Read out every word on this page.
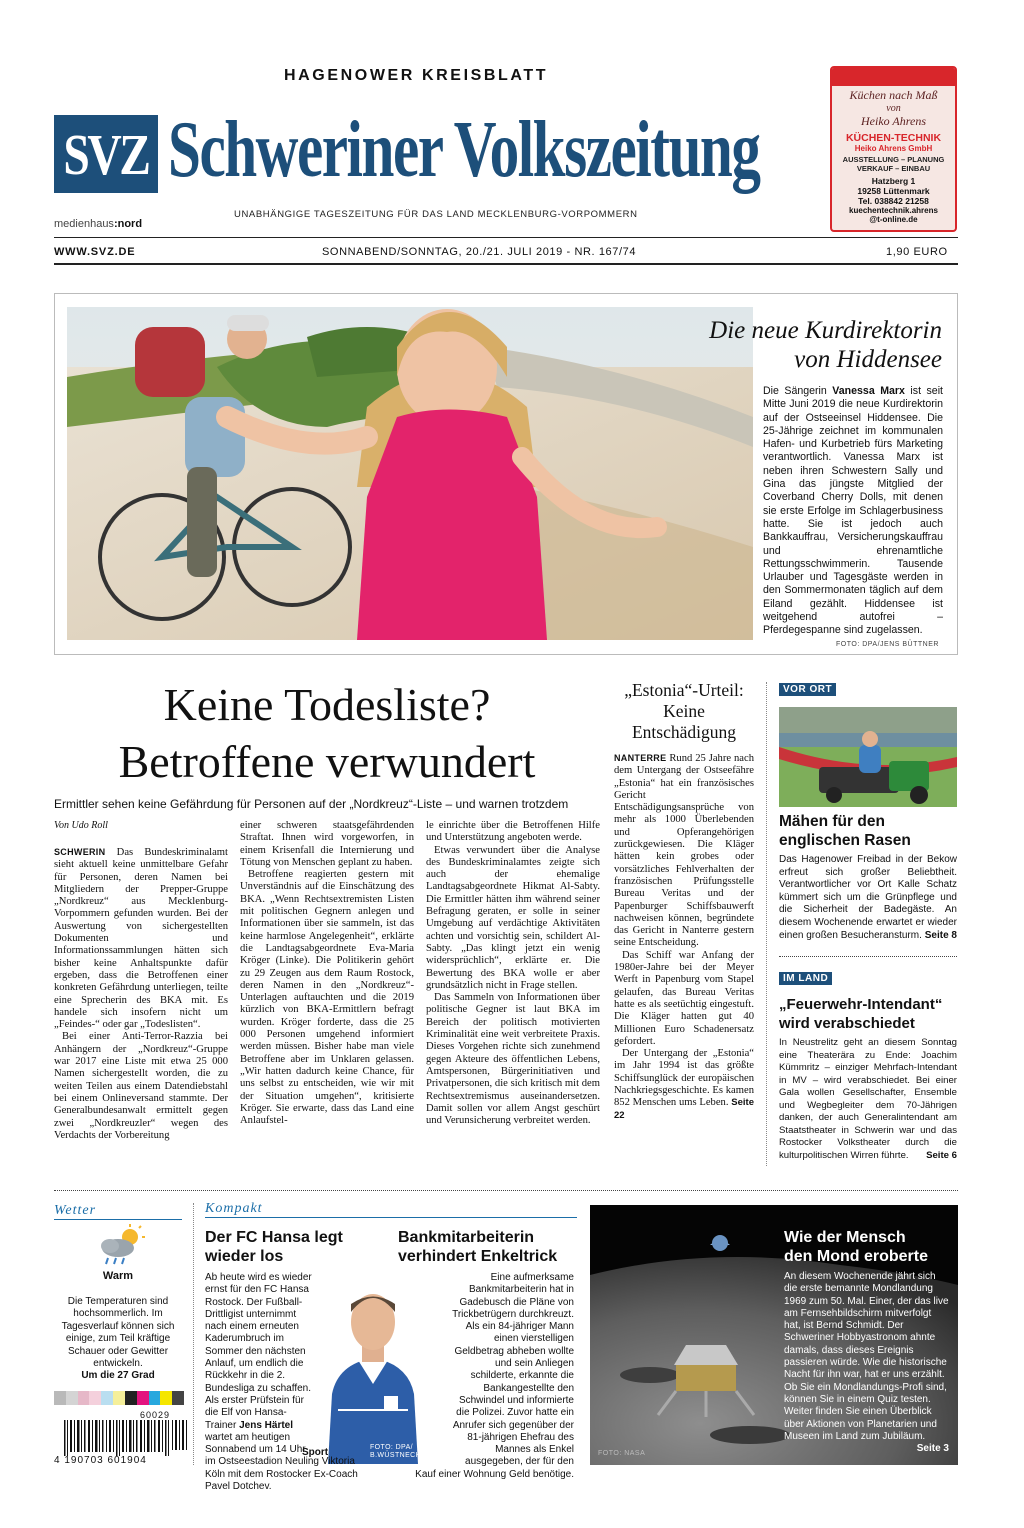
HAGENOWER KREISBLATT
SVZ Schweriner Volkszeitung
UNABHÄNGIGE TAGESZEITUNG FÜR DAS LAND MECKLENBURG-VORPOMMERN
medienhaus:nord
Küchen nach Maß
von
Heiko Ahrens
KÜCHEN-TECHNIK
Heiko Ahrens GmbH
AUSSTELLUNG – PLANUNG
VERKAUF – EINBAU
Hatzberg 1
19258 Lüttenmark
Tel. 038842 21258
kuechentechnik.ahrens
@t-online.de
WWW.SVZ.DE	SONNABEND/SONNTAG, 20./21. JULI 2019 - NR. 167/74	1,90 EURO
Die neue Kurdirektorin
von Hiddensee
Die Sängerin Vanessa Marx ist seit Mitte Juni 2019 die neue Kurdirektorin auf der Ostseeinsel Hiddensee. Die 25-Jährige zeichnet im kommunalen Hafen- und Kurbetrieb fürs Marketing verantwortlich. Vanessa Marx ist neben ihren Schwestern Sally und Gina das jüngste Mitglied der Coverband Cherry Dolls, mit denen sie erste Erfolge im Schlagerbusiness hatte. Sie ist jedoch auch Bankkauffrau, Versicherungskauffrau und ehrenamtliche Rettungsschwimmerin. Tausende Urlauber und Tagesgäste werden in den Sommermonaten täglich auf dem Eiland gezählt. Hiddensee ist weitgehend autofrei – Pferdegespanne sind zugelassen.
FOTO: DPA/JENS BÜTTNER
Keine Todesliste?
Betroffene verwundert
Ermittler sehen keine Gefährdung für Personen auf der „Nordkreuz“-Liste – und warnen trotzdem
Von Udo Roll

SCHWERIN Das Bundeskriminalamt sieht aktuell keine unmittelbare Gefahr für Personen, deren Namen bei Mitgliedern der Prepper-Gruppe „Nordkreuz“ aus Mecklenburg-Vorpommern gefunden wurden. Bei der Auswertung von sichergestellten Dokumenten und Informationssammlungen hätten sich bisher keine Anhaltspunkte dafür ergeben, dass die Betroffenen einer konkreten Gefährdung unterliegen, teilte eine Sprecherin des BKA mit. Es handele sich insofern nicht um „Feindes-“ oder gar „Todeslisten“.

Bei einer Anti-Terror-Razzia bei Anhängern der „Nordkreuz“-Gruppe war 2017 eine Liste mit etwa 25 000 Namen sichergestellt worden, die zu weiten Teilen aus einem Datendiebstahl bei einem Onlineversand stammte. Der Generalbundesanwalt ermittelt gegen zwei „Nordkreuzler“ wegen des Verdachts der Vorbereitung

einer schweren staatsgefährdenden Straftat. Ihnen wird vorgeworfen, in einem Krisenfall die Internierung und Tötung von Menschen geplant zu haben.

Betroffene reagierten gestern mit Unverständnis auf die Einschätzung des BKA. „Wenn Rechtsextremisten Listen mit politischen Gegnern anlegen und Informationen über sie sammeln, ist das keine harmlose Angelegenheit“, erklärte die Landtagsabgeordnete Eva-Maria Kröger (Linke). Die Politikerin gehört zu 29 Zeugen aus dem Raum Rostock, deren Namen in den „Nordkreuz“-Unterlagen auftauchten und die 2019 kürzlich von BKA-Ermittlern befragt wurden. Kröger forderte, dass die 25 000 Personen umgehend informiert werden müssen. Bisher habe man viele Betroffene aber im Unklaren gelassen. „Wir hatten dadurch keine Chance, für uns selbst zu entscheiden, wie wir mit der Situation umgehen“, kritisierte Kröger. Sie erwarte, dass das Land eine Anlaufstel-

le einrichte über die Betroffenen Hilfe und Unterstützung angeboten werde.

Etwas verwundert über die Analyse des Bundeskriminalamtes zeigte sich auch der ehemalige Landtagsabgeordnete Hikmat Al-Sabty. Die Ermittler hätten ihm während seiner Befragung geraten, er solle in seiner Umgebung auf verdächtige Aktivitäten achten und vorsichtig sein, schildert Al-Sabty. „Das klingt jetzt ein wenig widersprüchlich“, erklärte er. Die Bewertung des BKA wolle er aber grundsätzlich nicht in Frage stellen.

Das Sammeln von Informationen über politische Gegner ist laut BKA im Bereich der politisch motivierten Kriminalität eine weit verbreitete Praxis. Dieses Vorgehen richte sich zunehmend gegen Akteure des öffentlichen Lebens, Amtspersonen, Bürgerinitiativen und Privatpersonen, die sich kritisch mit dem Rechtsextremismus auseinandersetzen. Damit sollen vor allem Angst geschürt und Verunsicherung verbreitet werden.

„Estonia“-Urteil:
Keine
Entschädigung

NANTERRE Rund 25 Jahre nach dem Untergang der Ostseefähre „Estonia“ hat ein französisches Gericht Entschädigungsansprüche von mehr als 1000 Überlebenden und Opferangehörigen zurückgewiesen. Die Kläger hätten kein grobes oder vorsätzliches Fehlverhalten der französischen Prüfungsstelle Bureau Veritas und der Papenburger Schiffsbauwerft nachweisen können, begründete das Gericht in Nanterre gestern seine Entscheidung.

Das Schiff war Anfang der 1980er-Jahre bei der Meyer Werft in Papenburg vom Stapel gelaufen, das Bureau Veritas hatte es als seetüchtig eingestuft. Die Kläger hatten gut 40 Millionen Euro Schadenersatz gefordert.

Der Untergang der „Estonia“ im Jahr 1994 ist das größte Schiffsunglück der europäischen Nachkriegsgeschichte. Es kamen 852 Menschen ums Leben. Seite 22

VOR ORT
Mähen für den
englischen Rasen
Das Hagenower Freibad in der Bekow erfreut sich großer Beliebtheit. Verantwortlicher vor Ort Kalle Schatz kümmert sich um die Grünpflege und die Sicherheit der Badegäste. An diesem Wochenende erwartet er wieder einen großen Besucheransturm. Seite 8
IM LAND
„Feuerwehr-Intendant“
wird verabschiedet
In Neustrelitz geht an diesem Sonntag eine Theaterära zu Ende: Joachim Kümmritz – einziger Mehrfach-Intendant in MV – wird verabschiedet. Bei einer Gala wollen Gesellschafter, Ensemble und Wegbegleiter dem 70-Jährigen danken, der auch Generalintendant am Staatstheater in Schwerin war und das Rostocker Volkstheater durch die kulturpolitischen Wirren führte. Seite 6
Wetter
Warm
Die Temperaturen sind hochsommerlich. Im Tagesverlauf können sich einige, zum Teil kräftige Schauer oder Gewitter entwickeln.
Um die 27 Grad
60029
4 190703 601904
Kompakt
Der FC Hansa legt
wieder los
FOTO: DPA/
B.WÜSTNECK
Ab heute wird es wieder ernst für den FC Hansa Rostock. Der Fußball-Drittligist unternimmt nach einem erneuten Kaderumbruch im Sommer den nächsten Anlauf, um endlich die Rückkehr in die 2. Bundesliga zu schaffen. Als erster Prüfstein für die Elf von Hansa-Trainer Jens Härtel wartet am heutigen Sonnabend um 14 Uhr im Ostseestadion Neuling Viktoria Köln mit dem Rostocker Ex-Coach Pavel Dotchev.
Sport
Bankmitarbeiterin
verhindert Enkeltrick
Eine aufmerksame Bankmitarbeiterin hat in Gadebusch die Pläne von Trickbetrügern durchkreuzt. Als ein 84-jähriger Mann einen vierstelligen Geldbetrag abheben wollte und sein Anliegen schilderte, erkannte die Bankangestellte den Schwindel und informierte die Polizei. Zuvor hatte ein Anrufer sich gegenüber der 81-jährigen Ehefrau des Mannes als Enkel ausgegeben, der für den Kauf einer Wohnung Geld benötige.
Wie der Mensch
den Mond eroberte
An diesem Wochenende jährt sich die erste bemannte Mondlandung 1969 zum 50. Mal. Einer, der das live am Fernsehbildschirm mitverfolgt hat, ist Bernd Schmidt. Der Schweriner Hobbyastronom ahnte damals, dass dieses Ereignis passieren würde. Wie die historische Nacht für ihn war, hat er uns erzählt. Ob Sie ein Mondlandungs-Profi sind, können Sie in einem Quiz testen. Weiter finden Sie einen Überblick über Aktionen von Planetarien und Museen im Land zum Jubiläum.
Seite 3
FOTO: NASA
